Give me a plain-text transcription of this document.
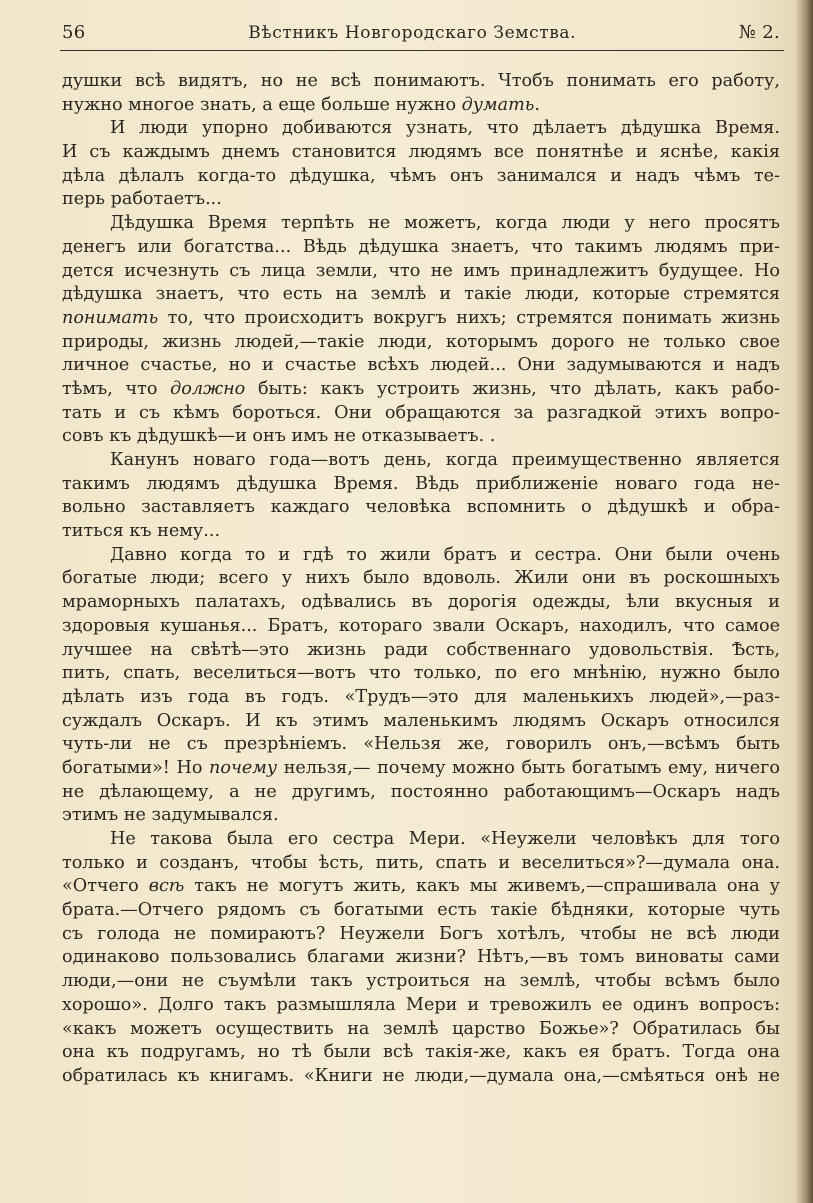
56	Вѣстникъ Новгородскаго Земства.	№ 2.
душки всѣ видятъ, но не всѣ понимаютъ. Чтобъ понимать его работу,
нужно многое знать, а еще больше нужно думать.
И люди упорно добиваются узнать, что дѣлаетъ дѣдушка Время.
И съ каждымъ днемъ становится людямъ все понятнѣе и яснѣе, какія
дѣла дѣлалъ когда-то дѣдушка, чѣмъ онъ занимался и надъ чѣмъ те-
перь работаетъ...
Дѣдушка Время терпѣть не можетъ, когда люди у него просятъ
денегъ или богатства... Вѣдь дѣдушка знаетъ, что такимъ людямъ при-
дется исчезнуть съ лица земли, что не имъ принадлежитъ будущее. Но
дѣдушка знаетъ, что есть на землѣ и такіе люди, которые стремятся
понимать то, что происходитъ вокругъ нихъ; стремятся понимать жизнь
природы, жизнь людей,—такіе люди, которымъ дорого не только свое
личное счастье, но и счастье всѣхъ людей... Они задумываются и надъ
тѣмъ, что должно быть: какъ устроить жизнь, что дѣлать, какъ рабо-
тать и съ кѣмъ бороться. Они обращаются за разгадкой этихъ вопро-
совъ къ дѣдушкѣ—и онъ имъ не отказываетъ. .
Канунъ новаго года—вотъ день, когда преимущественно является
такимъ людямъ дѣдушка Время. Вѣдь приближеніе новаго года не-
вольно заставляетъ каждаго человѣка вспомнить о дѣдушкѣ и обра-
титься къ нему...
Давно когда то и гдѣ то жили братъ и сестра. Они были очень
богатые люди; всего у нихъ было вдоволь. Жили они въ роскошныхъ
мраморныхъ палатахъ, одѣвались въ дорогія одежды, ѣли вкусныя и
здоровыя кушанья... Братъ, котораго звали Оскаръ, находилъ, что самое
лучшее на свѣтѣ—это жизнь ради собственнаго удовольствія. Ѣсть,
пить, спать, веселиться—вотъ что только, по его мнѣнію, нужно было
дѣлать изъ года въ годъ. «Трудъ—это для маленькихъ людей»,—раз-
суждалъ Оскаръ. И къ этимъ маленькимъ людямъ Оскаръ относился
чуть-ли не съ презрѣніемъ. «Нельзя же, говорилъ онъ,—всѣмъ быть
богатыми»! Но почему нельзя,— почему можно быть богатымъ ему, ничего
не дѣлающему, а не другимъ, постоянно работающимъ—Оскаръ надъ
этимъ не задумывался.
Не такова была его сестра Мери. «Неужели человѣкъ для того
только и созданъ, чтобы ѣсть, пить, спать и веселиться»?—думала она.
«Отчего всѣ такъ не могутъ жить, какъ мы живемъ,—спрашивала она у
брата.—Отчего рядомъ съ богатыми есть такіе бѣдняки, которые чуть
съ голода не помираютъ? Неужели Богъ хотѣлъ, чтобы не всѣ люди
одинаково пользовались благами жизни? Нѣтъ,—въ томъ виноваты сами
люди,—они не съумѣли такъ устроиться на землѣ, чтобы всѣмъ было
хорошо». Долго такъ размышляла Мери и тревожилъ ее одинъ вопросъ:
«какъ можетъ осуществить на землѣ царство Божье»? Обратилась бы
она къ подругамъ, но тѣ были всѣ такія-же, какъ ея братъ. Тогда она
обратилась къ книгамъ. «Книги не люди,—думала она,—смѣяться онѣ не
